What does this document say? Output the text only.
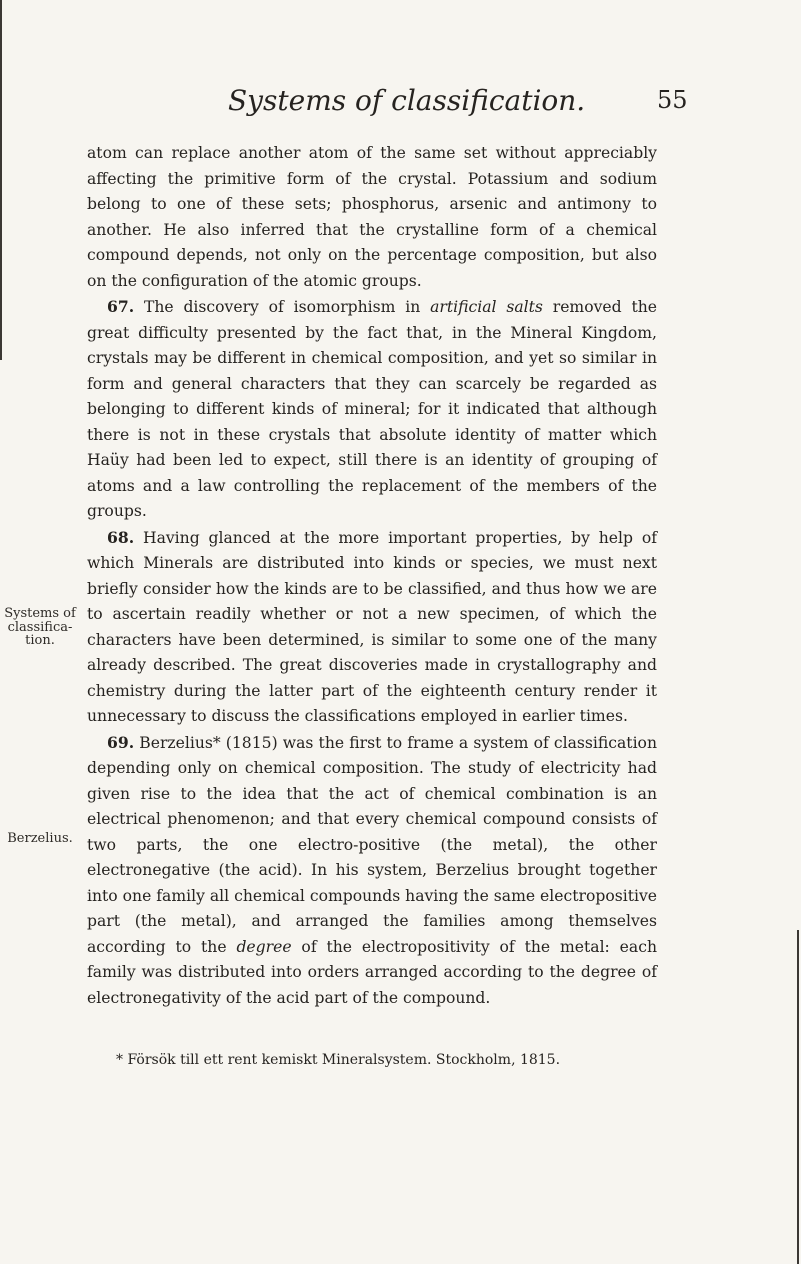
Systems of classification.	55

atom can replace another atom of the same set without appreciably affecting the primitive form of the crystal. Potassium and sodium belong to one of these sets; phosphorus, arsenic and antimony to another. He also inferred that the crystalline form of a chemical compound depends, not only on the percentage composition, but also on the configuration of the atomic groups.

67. The discovery of isomorphism in artificial salts removed the great difficulty presented by the fact that, in the Mineral Kingdom, crystals may be different in chemical composition, and yet so similar in form and general characters that they can scarcely be regarded as belonging to different kinds of mineral; for it indicated that although there is not in these crystals that absolute identity of matter which Haüy had been led to expect, still there is an identity of grouping of atoms and a law controlling the replacement of the members of the groups.

68. Having glanced at the more important properties, by help of which Minerals are distributed into kinds or species, we must next briefly consider how the kinds are to be classified, and thus how we are to ascertain readily whether or not a new specimen, of which the characters have been determined, is similar to some one of the many already described. The great discoveries made in crystallography and chemistry during the latter part of the eighteenth century render it unnecessary to discuss the classifications employed in earlier times.

69. Berzelius* (1815) was the first to frame a system of classification depending only on chemical composition. The study of electricity had given rise to the idea that the act of chemical combination is an electrical phenomenon; and that every chemical compound consists of two parts, the one electro-positive (the metal), the other electronegative (the acid). In his system, Berzelius brought together into one family all chemical compounds having the same electropositive part (the metal), and arranged the families among themselves according to the degree of the electropositivity of the metal: each family was distributed into orders arranged according to the degree of electronegativity of the acid part of the compound.

Systems of
classifica-
tion.
Berzelius.
* Försök till ett rent kemiskt Mineralsystem. Stockholm, 1815.
